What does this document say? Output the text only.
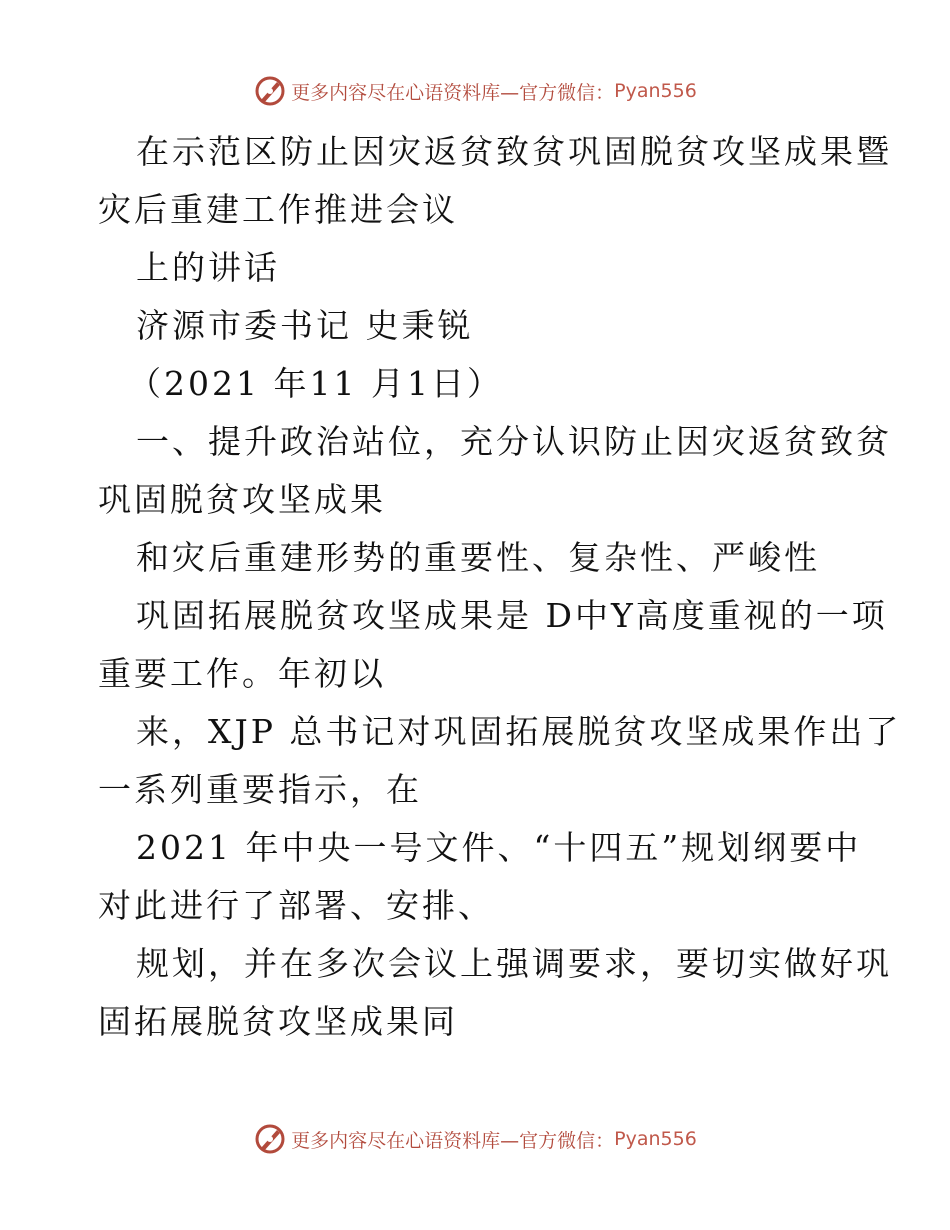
更多内容尽在心语资料库—官方微信： Pyan556
在示范区防止因灾返贫致贫巩固脱贫攻坚成果暨
灾后重建工作推进会议
上的讲话
济源市委书记 史秉锐
（2021 年11 月1日）
一、提升政治站位，充分认识防止因灾返贫致贫
巩固脱贫攻坚成果
和灾后重建形势的重要性、复杂性、严峻性
巩固拓展脱贫攻坚成果是 D中Y高度重视的一项
重要工作。年初以
来，XJP 总书记对巩固拓展脱贫攻坚成果作出了
一系列重要指示，在
2021 年中央一号文件、“十四五”规划纲要中
对此进行了部署、安排、
规划，并在多次会议上强调要求，要切实做好巩
固拓展脱贫攻坚成果同
更多内容尽在心语资料库—官方微信： Pyan556
